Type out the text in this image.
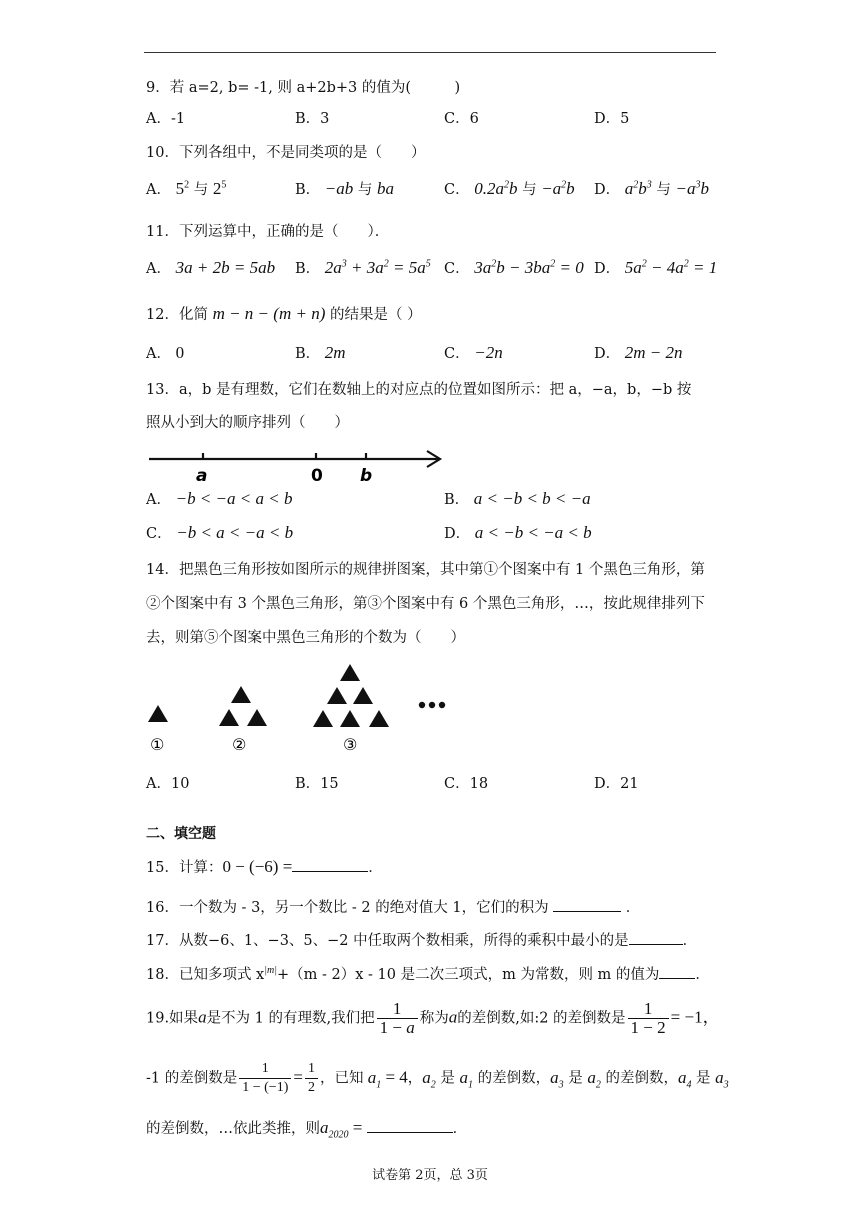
9．若 a=2, b= -1, 则 a+2b+3 的值为(　　　)
A．-1	B．3	C．6	D．5
10．下列各组中，不是同类项的是（　　）
A． $5^2$ 与 $2^5$	B． −ab 与 ba	C． $0.2a^2b$ 与 $-a^2b$ D． $a^2b^3$ 与 $-a^3b$
11．下列运算中，正确的是（　　）．
A． 3a + 2b = 5ab B． $2a^3 + 3a^2 = 5a^5$ C． $3a^2b - 3ba^2 = 0$ D． $5a^2 - 4a^2 = 1$
12．化简 m − n − (m + n) 的结果是（ ）
A． 0	B． 2m	C． −2n	D． 2m − 2n
13．a，b 是有理数，它们在数轴上的对应点的位置如图所示：把 a，−a，b，−b 按
照从小到大的顺序排列（　　）
a	0 b
A． −b < −a < a < b	B． a < −b < b < −a
C． −b < a < −a < b	D． a < −b < −a < b
14．把黑色三角形按如图所示的规律拼图案，其中第①个图案中有 1 个黑色三角形，第
②个图案中有 3 个黑色三角形，第③个图案中有 6 个黑色三角形，…，按此规律排列下
去，则第⑤个图案中黑色三角形的个数为（　　）
①	②	③
A．10	B．15	C．18	D．21
二、填空题
15．计算：0 − (−6) =	．
16．一个数为 - 3，另一个数比 - 2 的绝对值大 1，它们的积为	．
17．从数−6、1、−3、5、−2 中任取两个数相乘，所得的乘积中最小的是	．
18．已知多项式 $x^{|m|}+(m - 2)x - 10$ 是二次三项式，m 为常数，则 m 的值为 ．
19.如果a是不为 1 的有理数,我们把 $\frac{1}{1 - a}$ 称为a的差倒数,如:2 的差倒数是 $\frac{1}{1 - 2} = -1$，
-1 的差倒数是 $\frac{1}{1 - (-1)} = \frac{1}{2}$ ，已知 $a_1 = 4$，$a_2$ 是 $a_1$ 的差倒数，$a_3$ 是 $a_2$ 的差倒数，$a_4$ 是 $a_3$
的差倒数，…依此类推，则$a_{2020}$ =	．
试卷第 2页，总 3页
